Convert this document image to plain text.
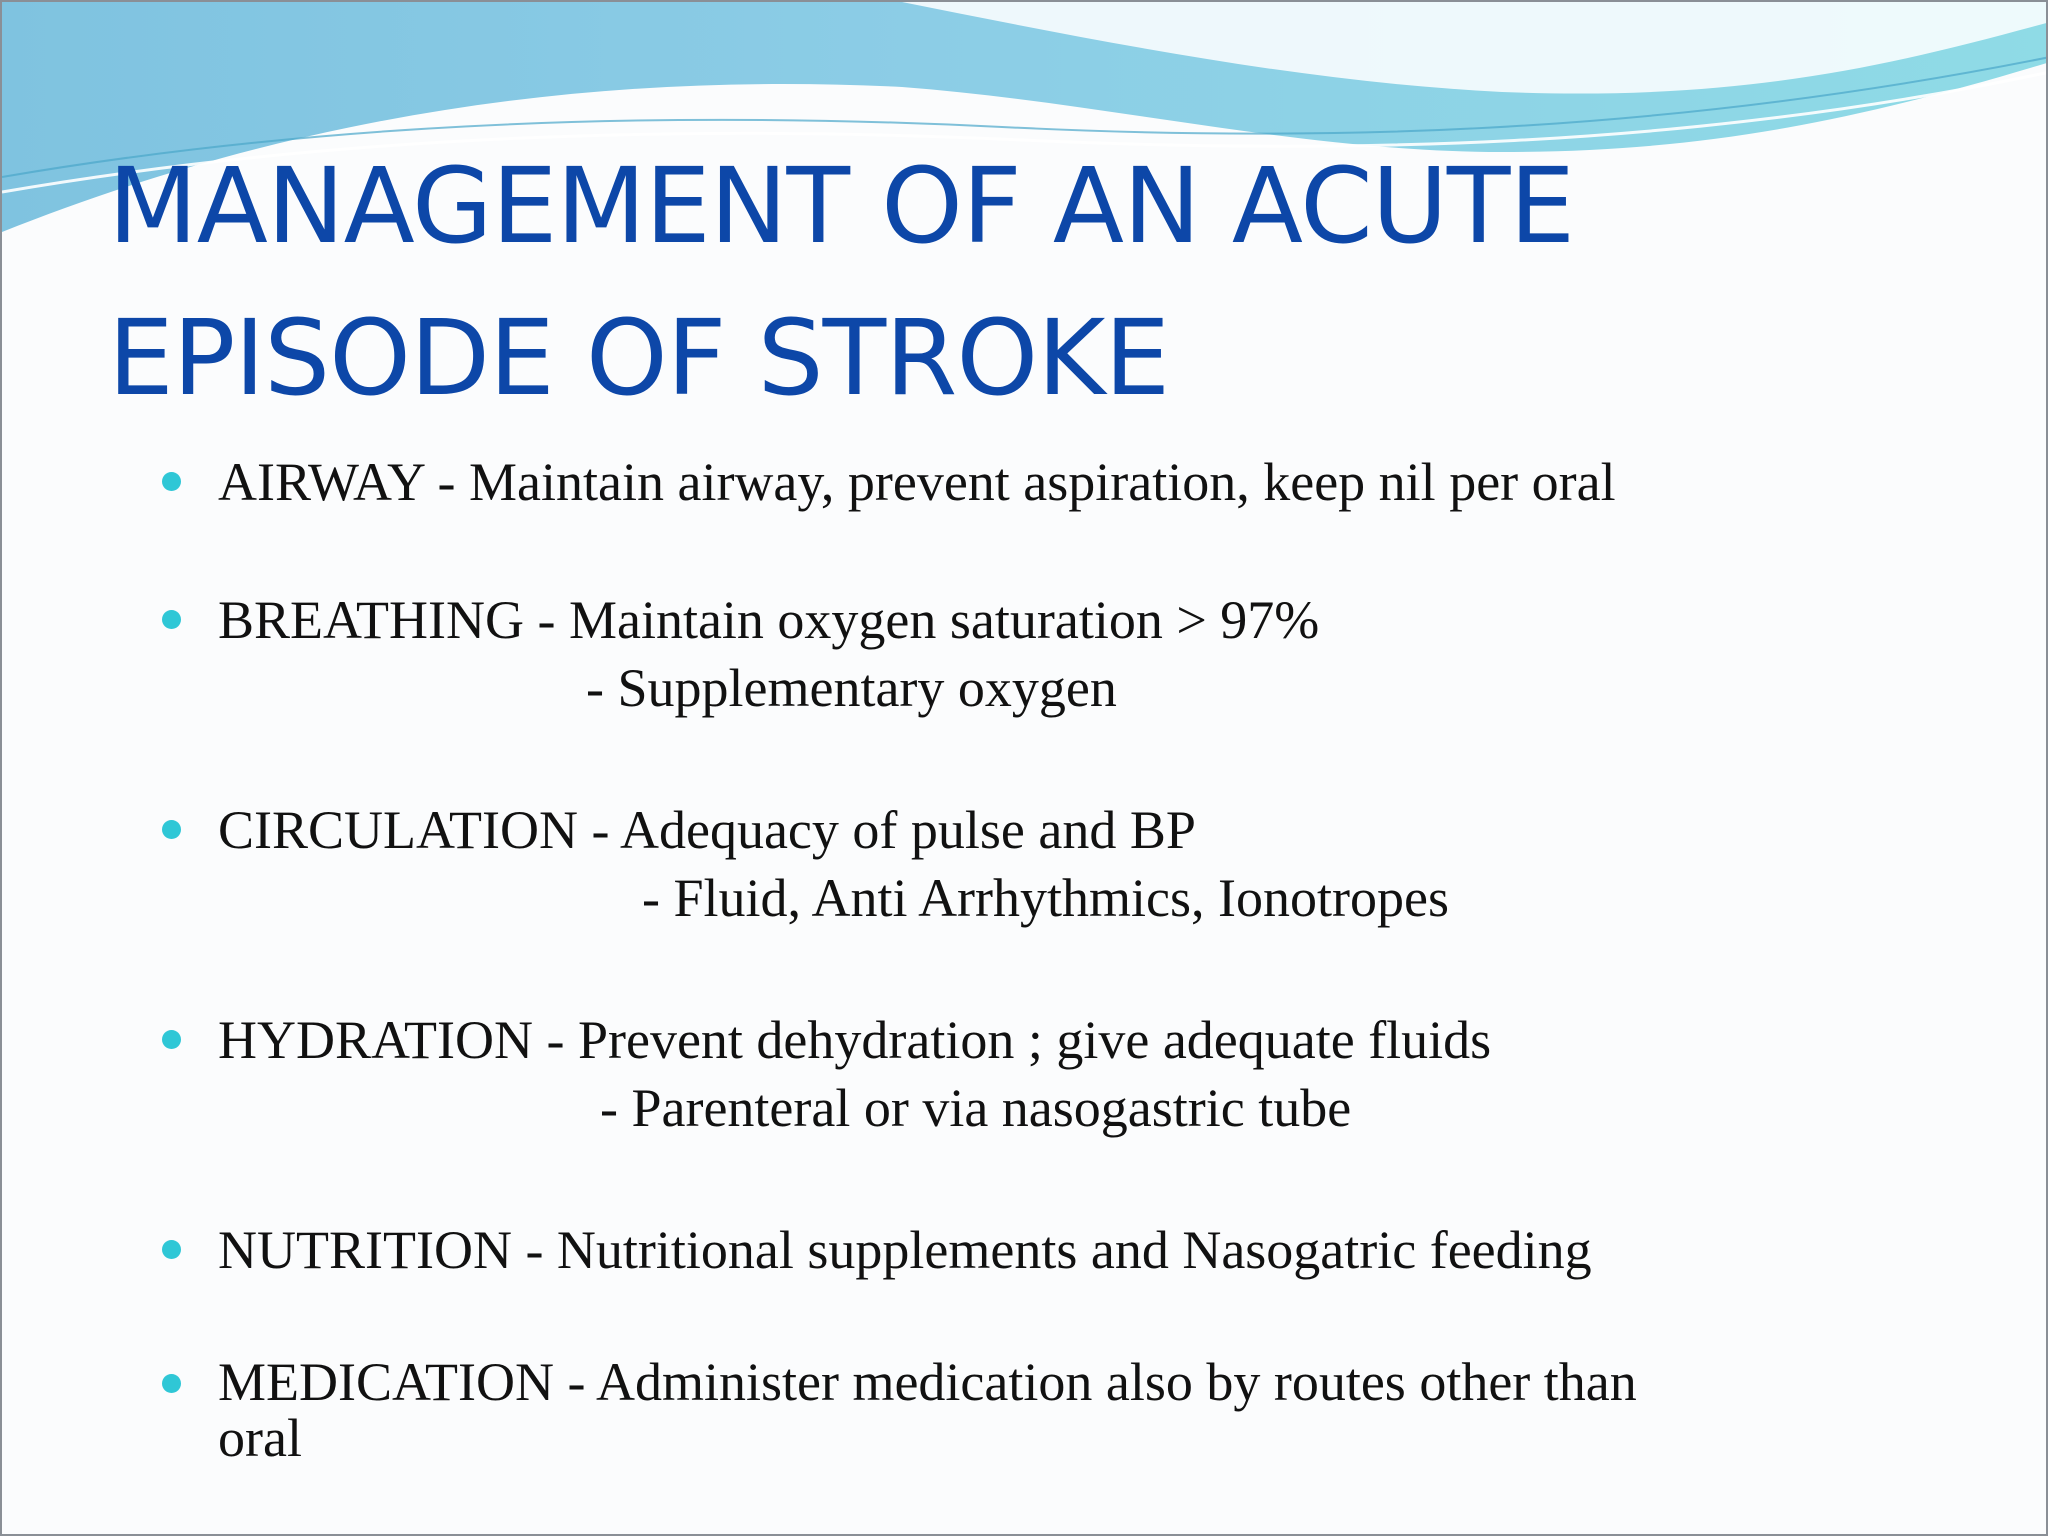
MANAGEMENT OF AN ACUTE
EPISODE OF STROKE
AIRWAY - Maintain airway, prevent aspiration, keep nil per oral
BREATHING - Maintain oxygen saturation > 97%
- Supplementary oxygen
CIRCULATION - Adequacy of pulse and BP
- Fluid, Anti Arrhythmics, Ionotropes
HYDRATION - Prevent dehydration ; give adequate fluids
- Parenteral or via nasogastric tube
NUTRITION - Nutritional supplements and Nasogatric feeding
MEDICATION - Administer medication also by routes other than
oral
